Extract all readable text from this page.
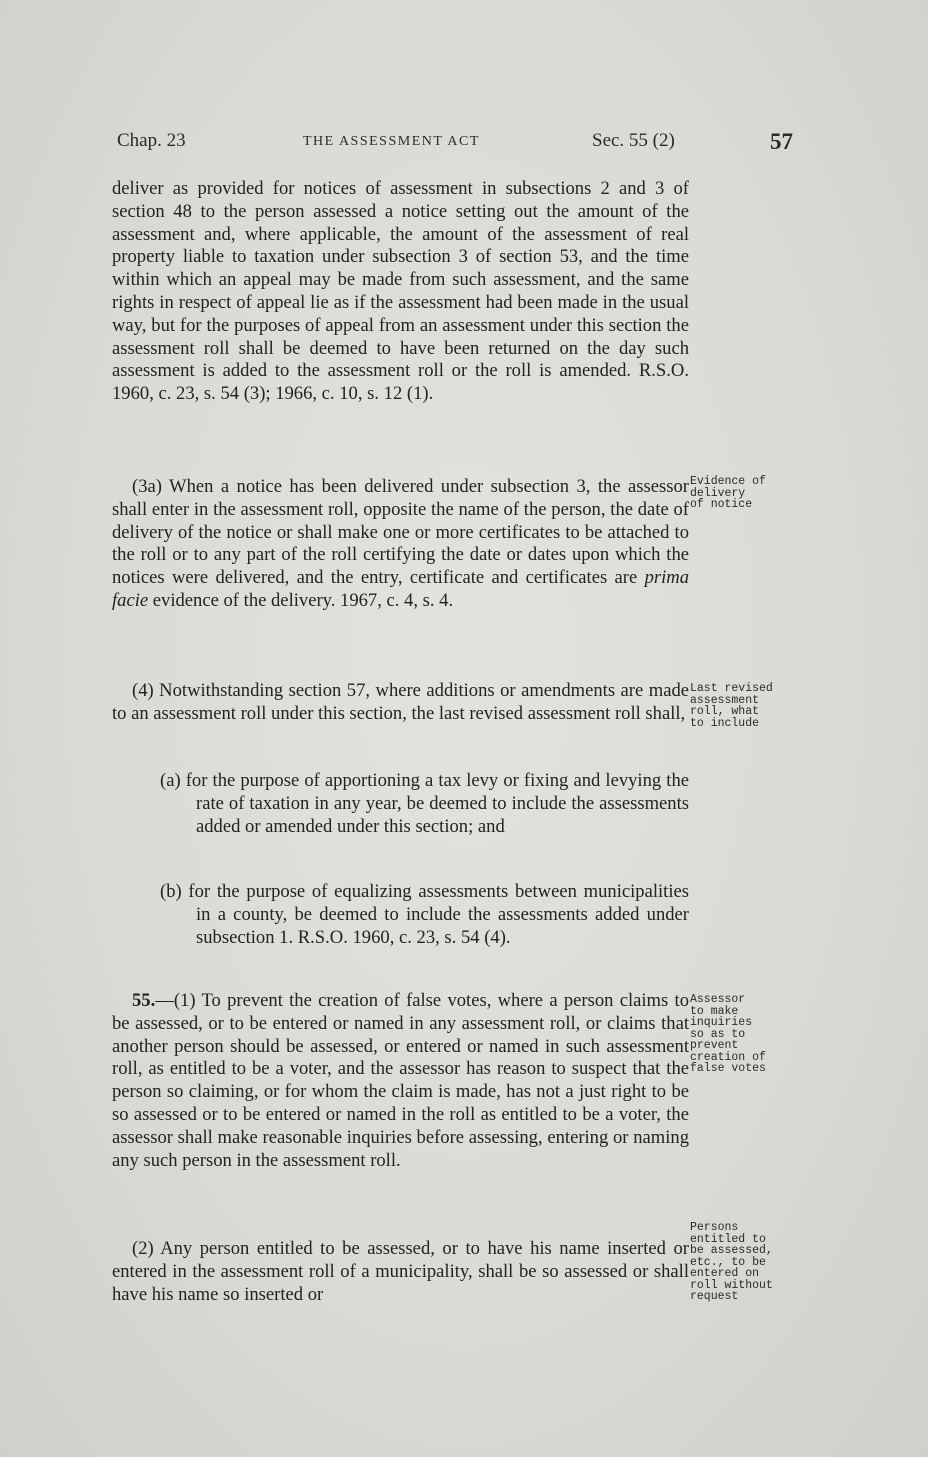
Chap. 23	THE ASSESSMENT ACT	Sec. 55 (2)	57

deliver as provided for notices of assessment in subsections 2 and 3 of section 48 to the person assessed a notice setting out the amount of the assessment and, where applicable, the amount of the assessment of real property liable to taxation under subsection 3 of section 53, and the time within which an appeal may be made from such assessment, and the same rights in respect of appeal lie as if the assessment had been made in the usual way, but for the purposes of appeal from an assessment under this section the assessment roll shall be deemed to have been returned on the day such assessment is added to the assessment roll or the roll is amended. R.S.O. 1960, c. 23, s. 54 (3); 1966, c. 10, s. 12 (1).

(3a) When a notice has been delivered under subsection 3, the assessor shall enter in the assessment roll, opposite the name of the person, the date of delivery of the notice or shall make one or more certificates to be attached to the roll or to any part of the roll certifying the date or dates upon which the notices were delivered, and the entry, certificate and certificates are prima facie evidence of the delivery. 1967, c. 4, s. 4.

(4) Notwithstanding section 57, where additions or amendments are made to an assessment roll under this section, the last revised assessment roll shall,

(a) for the purpose of apportioning a tax levy or fixing and levying the rate of taxation in any year, be deemed to include the assessments added or amended under this section; and

(b) for the purpose of equalizing assessments between municipalities in a county, be deemed to include the assessments added under subsection 1. R.S.O. 1960, c. 23, s. 54 (4).

55.—(1) To prevent the creation of false votes, where a person claims to be assessed, or to be entered or named in any assessment roll, or claims that another person should be assessed, or entered or named in such assessment roll, as entitled to be a voter, and the assessor has reason to suspect that the person so claiming, or for whom the claim is made, has not a just right to be so assessed or to be entered or named in the roll as entitled to be a voter, the assessor shall make reasonable inquiries before assessing, entering or naming any such person in the assessment roll.

(2) Any person entitled to be assessed, or to have his name inserted or entered in the assessment roll of a municipality, shall be so assessed or shall have his name so inserted or

Evidence of
delivery
of notice
Last revised
assessment
roll, what
to include
Assessor
to make
inquiries
so as to
prevent
creation of
false votes
Persons
entitled to
be assessed,
etc., to be
entered on
roll without
request
